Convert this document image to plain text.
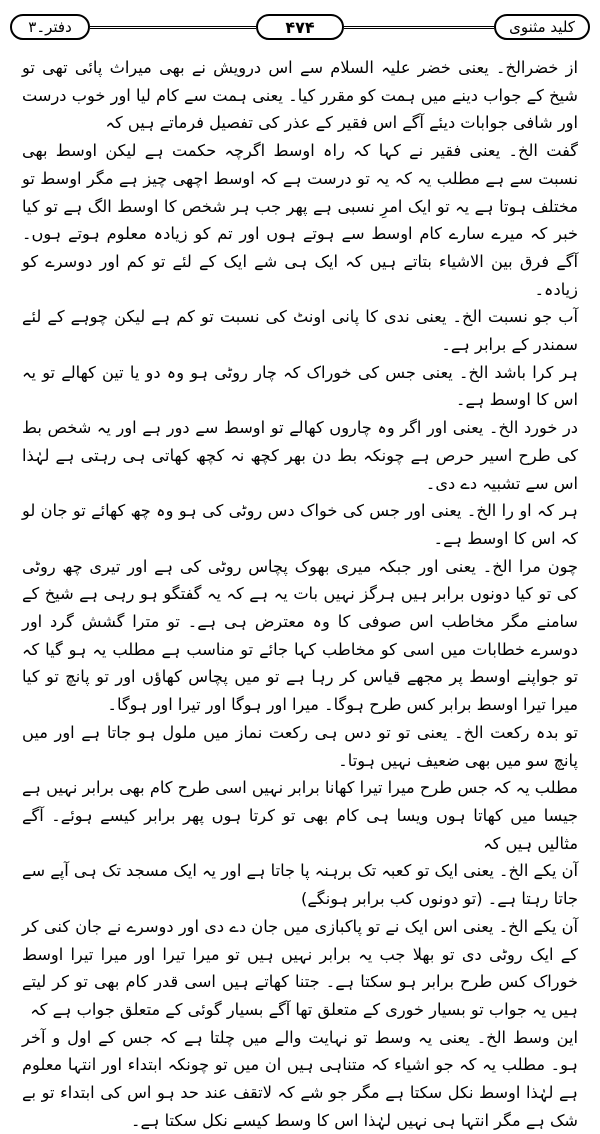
دفتر۔۳	۴۷۴	کلید مثنوی

از خضرالخ۔ یعنی خضر علیہ السلام سے اس درویش نے بھی میراث پائی تھی تو شیخ کے جواب دینے میں ہمت کو مقرر کیا۔ یعنی ہمت سے کام لیا اور خوب درست اور شافی جوابات دیئے آگے اس فقیر کے عذر کی تفصیل فرماتے ہیں کہ

گفت الخ۔ یعنی فقیر نے کہا کہ راہ اوسط اگرچہ حکمت ہے لیکن اوسط بھی نسبت سے ہے مطلب یہ کہ یہ تو درست ہے کہ اوسط اچھی چیز ہے مگر اوسط تو مختلف ہوتا ہے یہ تو ایک امرِ نسبی ہے پھر جب ہر شخص کا اوسط الگ ہے تو کیا خبر کہ میرے سارے کام اوسط سے ہوتے ہوں اور تم کو زیادہ معلوم ہوتے ہوں۔ آگے فرق بین الاشیاء بتاتے ہیں کہ ایک ہی شے ایک کے لئے تو کم اور دوسرے کو زیادہ۔

آب جو نسبت الخ۔ یعنی ندی کا پانی اونٹ کی نسبت تو کم ہے لیکن چوہے کے لئے سمندر کے برابر ہے۔

ہر کرا باشد الخ۔ یعنی جس کی خوراک کہ چار روٹی ہو وہ دو یا تین کھالے تو یہ اس کا اوسط ہے۔

در خورد الخ۔ یعنی اور اگر وہ چاروں کھالے تو اوسط سے دور ہے اور یہ شخص بط کی طرح اسیر حرص ہے چونکہ بط دن بھر کچھ نہ کچھ کھاتی ہی رہتی ہے لہٰذا اس سے تشبیہ دے دی۔

ہر کہ او را الخ۔ یعنی اور جس کی خواک دس روٹی کی ہو وہ چھ کھائے تو جان لو کہ اس کا اوسط ہے۔

چون مرا الخ۔ یعنی اور جبکہ میری بھوک پچاس روٹی کی ہے اور تیری چھ روٹی کی تو کیا دونوں برابر ہیں ہرگز نہیں بات یہ ہے کہ یہ گفتگو ہو رہی ہے شیخ کے سامنے مگر مخاطب اس صوفی کا وہ معترض ہی ہے۔ تو مترا گشش گرد اور دوسرے خطابات میں اسی کو مخاطب کہا جائے تو مناسب ہے مطلب یہ ہو گیا کہ تو جواپنے اوسط پر مجھے قیاس کر رہا ہے تو میں پچاس کھاؤں اور تو پانچ تو کیا میرا تیرا اوسط برابر کس طرح ہوگا۔ میرا اور ہوگا اور تیرا اور ہوگا۔

تو بدہ رکعت الخ۔ یعنی تو تو دس ہی رکعت نماز میں ملول ہو جاتا ہے اور میں پانچ سو میں بھی ضعیف نہیں ہوتا۔

مطلب یہ کہ جس طرح میرا تیرا کھانا برابر نہیں اسی طرح کام بھی برابر نہیں ہے جیسا میں کھاتا ہوں ویسا ہی کام بھی تو کرتا ہوں پھر برابر کیسے ہوئے۔ آگے مثالیں ہیں کہ

آن یکے الخ۔ یعنی ایک تو کعبہ تک برہنہ پا جاتا ہے اور یہ ایک مسجد تک ہی آپے سے جاتا رہتا ہے۔ (تو دونوں کب برابر ہونگے)

آن یکے الخ۔ یعنی اس ایک نے تو پاکبازی میں جان دے دی اور دوسرے نے جان کنی کر کے ایک روٹی دی تو بھلا جب یہ برابر نہیں ہیں تو میرا تیرا اور میرا تیرا اوسط خوراک کس طرح برابر ہو سکتا ہے۔ جتنا کھاتے ہیں اسی قدر کام بھی تو کر لیتے ہیں یہ جواب تو بسیار خوری کے متعلق تھا آگے بسیار گوئی کے متعلق جواب ہے کہ

این وسط الخ۔ یعنی یہ وسط تو نہایت والے میں چلتا ہے کہ جس کے اول و آخر ہو۔ مطلب یہ کہ جو اشیاء کہ متناہی ہیں ان میں تو چونکہ ابتداء اور انتہا معلوم ہے لہٰذا اوسط نکل سکتا ہے مگر جو شے کہ لاتقف عند حد ہو اس کی ابتداء تو بے شک ہے مگر انتہا ہی نہیں لہٰذا اس کا وسط کیسے نکل سکتا ہے۔
